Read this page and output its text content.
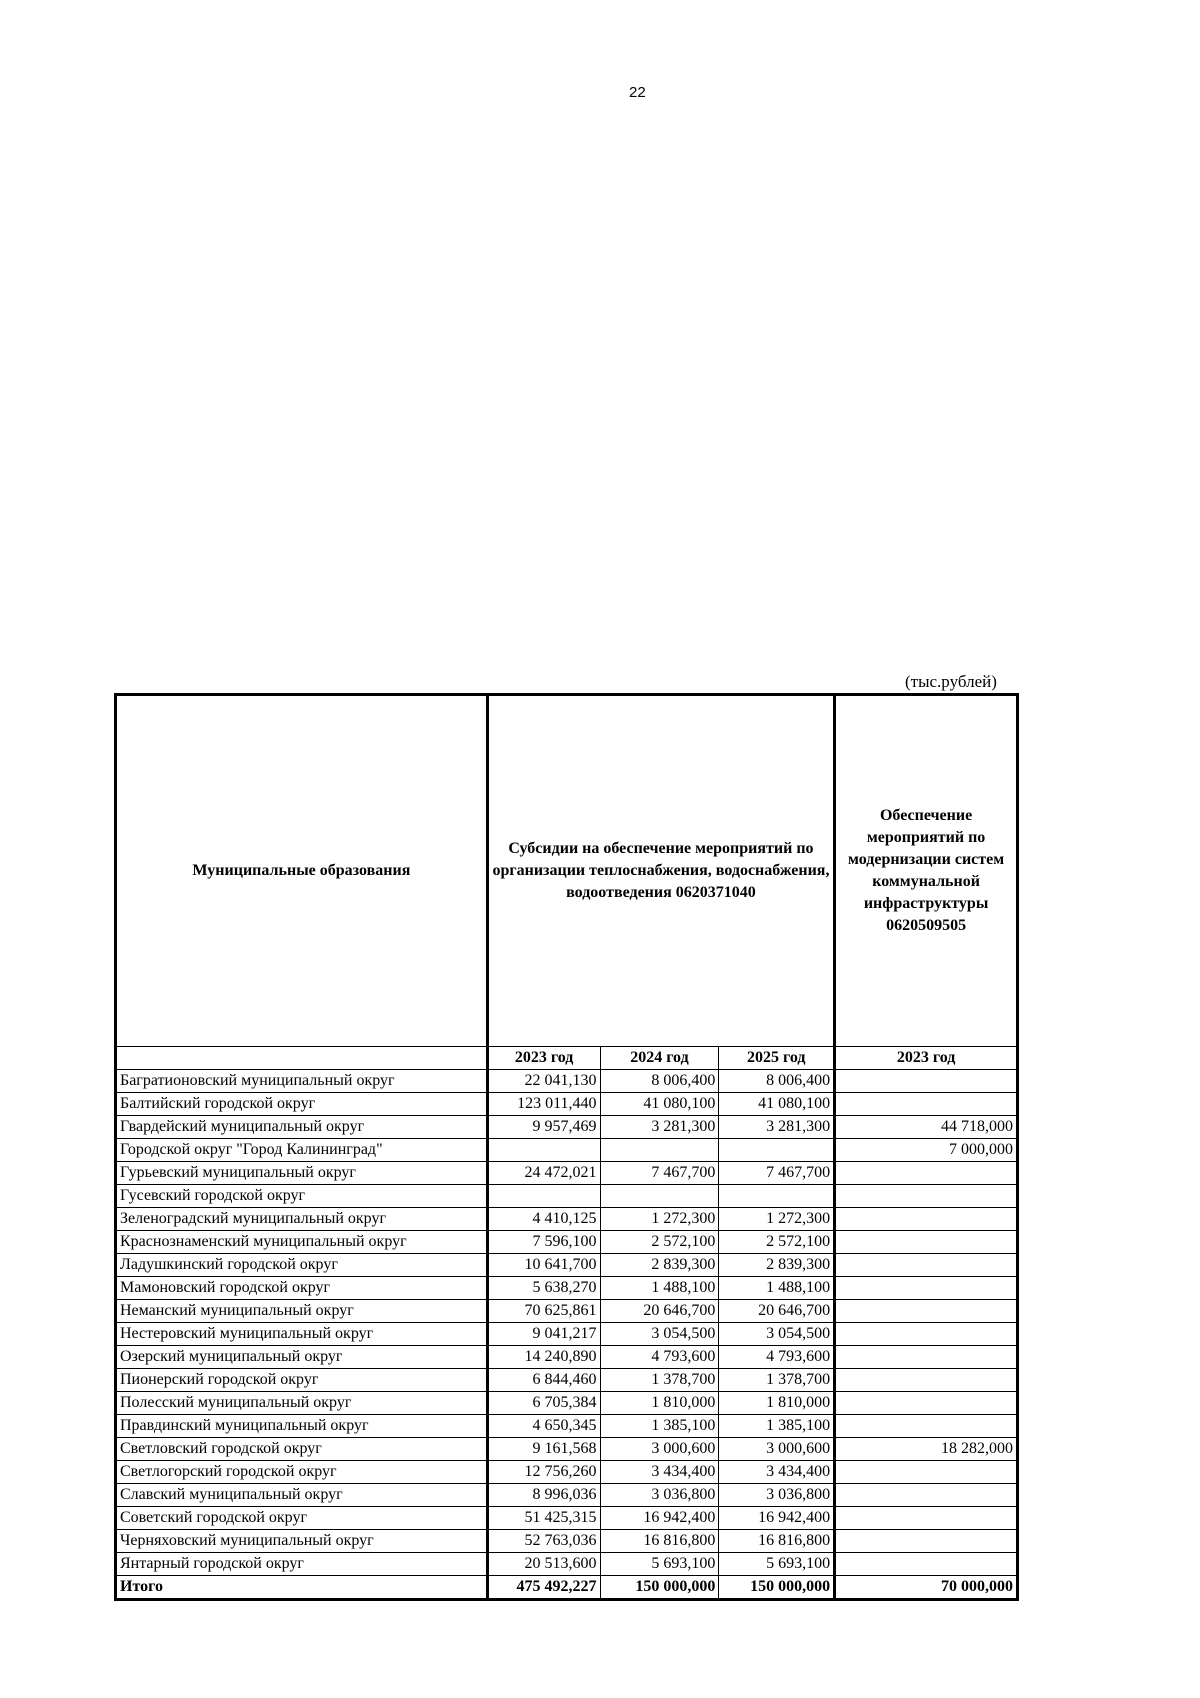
22
(тыс.рублей)
Муниципальные образования	Субсидии на обеспечение мероприятий по организации теплоснабжения, водоснабжения, водоотведения 0620371040			Обеспечение мероприятий по модернизации систем коммунальной инфраструктуры 0620509505
	2023 год	2024 год	2025 год	2023 год
Багратионовский муниципальный округ	22 041,130	8 006,400	8 006,400	
Балтийский городской округ	123 011,440	41 080,100	41 080,100	
Гвардейский муниципальный округ	9 957,469	3 281,300	3 281,300	44 718,000
Городской округ "Город Калининград"				7 000,000
Гурьевский муниципальный округ	24 472,021	7 467,700	7 467,700	
Гусевский городской округ				
Зеленоградский муниципальный округ	4 410,125	1 272,300	1 272,300	
Краснознаменский муниципальный округ	7 596,100	2 572,100	2 572,100	
Ладушкинский городской округ	10 641,700	2 839,300	2 839,300	
Мамоновский городской округ	5 638,270	1 488,100	1 488,100	
Неманский муниципальный округ	70 625,861	20 646,700	20 646,700	
Нестеровский муниципальный округ	9 041,217	3 054,500	3 054,500	
Озерский муниципальный округ	14 240,890	4 793,600	4 793,600	
Пионерский городской округ	6 844,460	1 378,700	1 378,700	
Полесский муниципальный округ	6 705,384	1 810,000	1 810,000	
Правдинский муниципальный округ	4 650,345	1 385,100	1 385,100	
Светловский городской округ	9 161,568	3 000,600	3 000,600	18 282,000
Светлогорский городской округ	12 756,260	3 434,400	3 434,400	
Славский муниципальный округ	8 996,036	3 036,800	3 036,800	
Советский городской округ	51 425,315	16 942,400	16 942,400	
Черняховский муниципальный округ	52 763,036	16 816,800	16 816,800	
Янтарный городской округ	20 513,600	5 693,100	5 693,100	
Итого	475 492,227	150 000,000	150 000,000	70 000,000
